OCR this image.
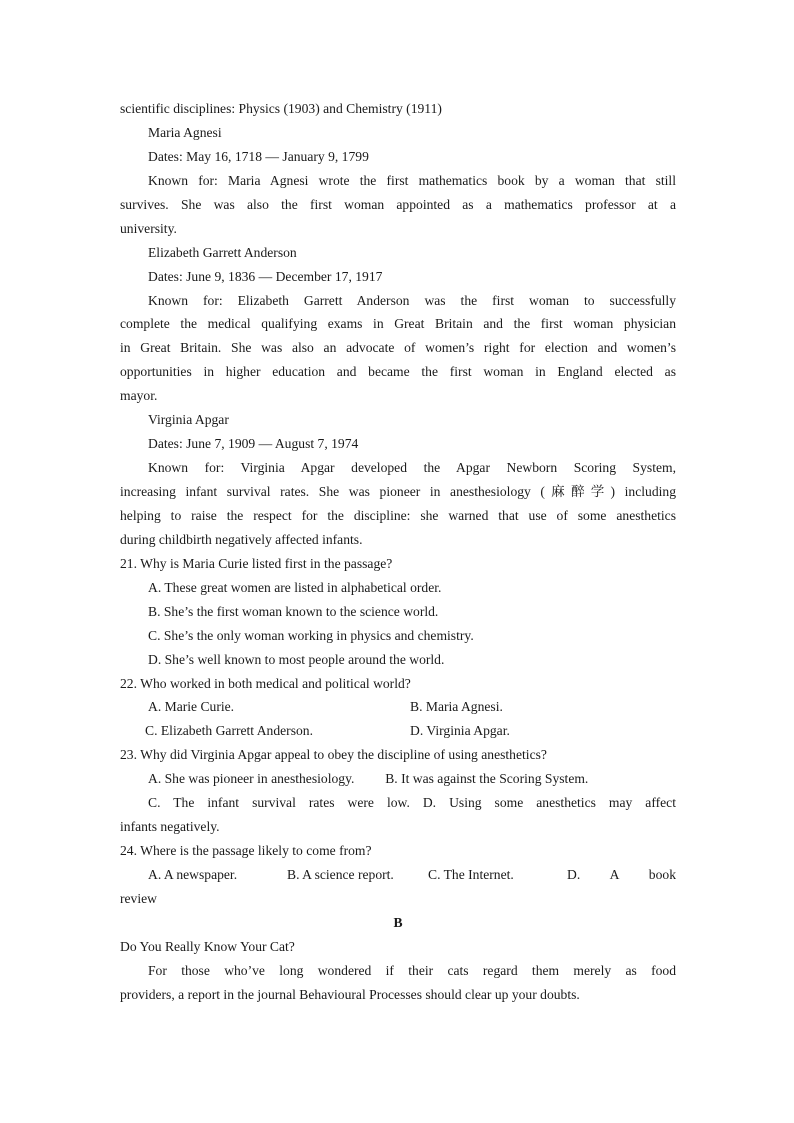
scientific disciplines: Physics (1903) and Chemistry (1911)
Maria Agnesi
Dates: May 16, 1718 — January 9, 1799
Known for: Maria Agnesi wrote the first mathematics book by a woman that still
survives. She was also the first woman appointed as a mathematics professor at a
university.
Elizabeth Garrett Anderson
Dates: June 9, 1836 — December 17, 1917
Known for: Elizabeth Garrett Anderson was the first woman to successfully
complete the medical qualifying exams in Great Britain and the first woman physician
in Great Britain. She was also an advocate of women’s right for election and women’s
opportunities in higher education and became the first woman in England elected as
mayor.
Virginia Apgar
Dates: June 7, 1909 — August 7, 1974
Known for: Virginia Apgar developed the Apgar Newborn Scoring System,
increasing infant survival rates. She was pioneer in anesthesiology (麻醉学) including
helping to raise the respect for the discipline: she warned that use of some anesthetics
during childbirth negatively affected infants.
21. Why is Maria Curie listed first in the passage?
A. These great women are listed in alphabetical order.
B. She’s the first woman known to the science world.
C. She’s the only woman working in physics and chemistry.
D. She’s well known to most people around the world.
22. Who worked in both medical and political world?
A. Marie Curie.	B. Maria Agnesi.
C. Elizabeth Garrett Anderson.	D. Virginia Apgar.
23. Why did Virginia Apgar appeal to obey the discipline of using anesthetics?
A. She was pioneer in anesthesiology. B. It was against the Scoring System.
C. The infant survival rates were low. D. Using some anesthetics may affect
infants negatively.
24. Where is the passage likely to come from?
A. A newspaper.	B. A science report.	C. The Internet.	D. A book
review
B
Do You Really Know Your Cat?
For those who’ve long wondered if their cats regard them merely as food
providers, a report in the journal Behavioural Processes should clear up your doubts.
